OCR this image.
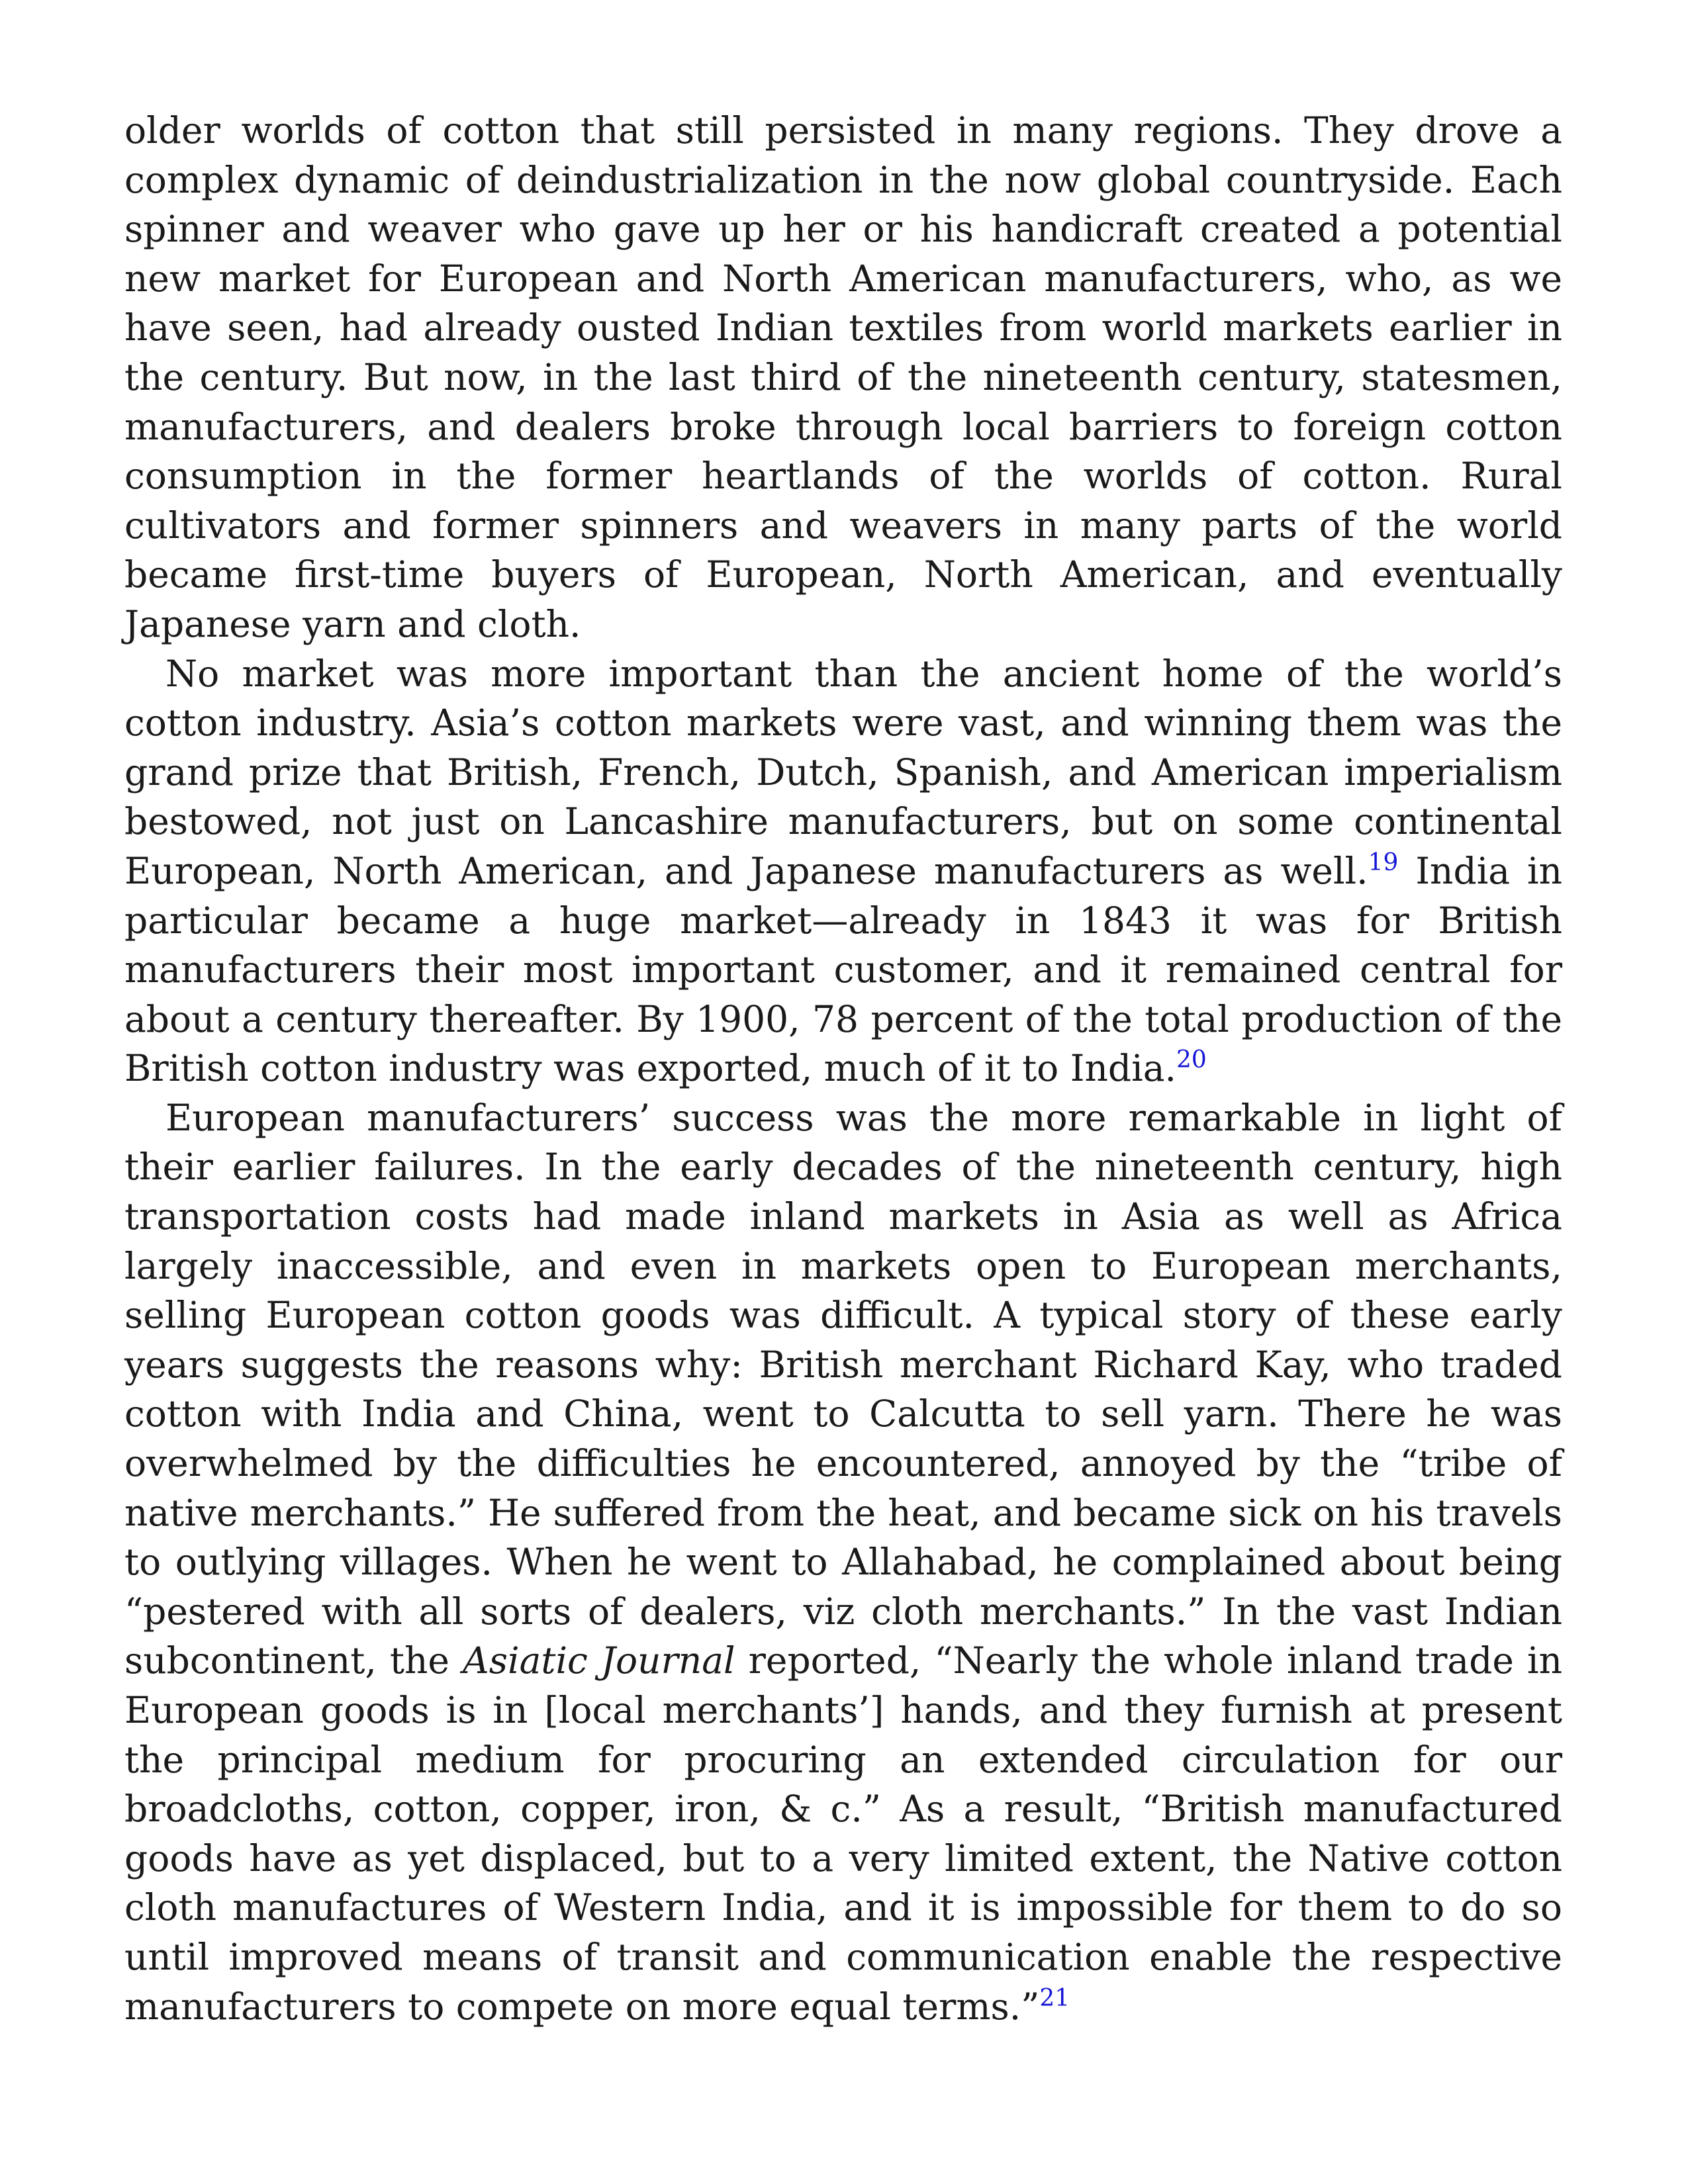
older worlds of cotton that still persisted in many regions. They drove a complex dynamic of deindustrialization in the now global countryside. Each spinner and weaver who gave up her or his handicraft created a potential new market for European and North American manufacturers, who, as we have seen, had already ousted Indian textiles from world markets earlier in the century. But now, in the last third of the nineteenth century, statesmen, manufacturers, and dealers broke through local barriers to foreign cotton consumption in the former heartlands of the worlds of cotton. Rural cultivators and former spinners and weavers in many parts of the world became first-time buyers of European, North American, and eventually Japanese yarn and cloth.

No market was more important than the ancient home of the world’s cotton industry. Asia’s cotton markets were vast, and winning them was the grand prize that British, French, Dutch, Spanish, and American imperialism bestowed, not just on Lancashire manufacturers, but on some continental European, North American, and Japanese manufacturers as well.$^{19}$ India in particular became a huge market—already in 1843 it was for British manufacturers their most important customer, and it remained central for about a century thereafter. By 1900, 78 percent of the total production of the British cotton industry was exported, much of it to India.$^{20}$

European manufacturers’ success was the more remarkable in light of their earlier failures. In the early decades of the nineteenth century, high transportation costs had made inland markets in Asia as well as Africa largely inaccessible, and even in markets open to European merchants, selling European cotton goods was difficult. A typical story of these early years suggests the reasons why: British merchant Richard Kay, who traded cotton with India and China, went to Calcutta to sell yarn. There he was overwhelmed by the difficulties he encountered, annoyed by the “tribe of native merchants.” He suffered from the heat, and became sick on his travels to outlying villages. When he went to Allahabad, he complained about being “pestered with all sorts of dealers, viz cloth merchants.” In the vast Indian subcontinent, the Asiatic Journal reported, “Nearly the whole inland trade in European goods is in [local merchants’] hands, and they furnish at present the principal medium for procuring an extended circulation for our broadcloths, cotton, copper, iron, & c.” As a result, “British manufactured goods have as yet displaced, but to a very limited extent, the Native cotton cloth manufactures of Western India, and it is impossible for them to do so until improved means of transit and communication enable the respective manufacturers to compete on more equal terms.”$^{21}$
